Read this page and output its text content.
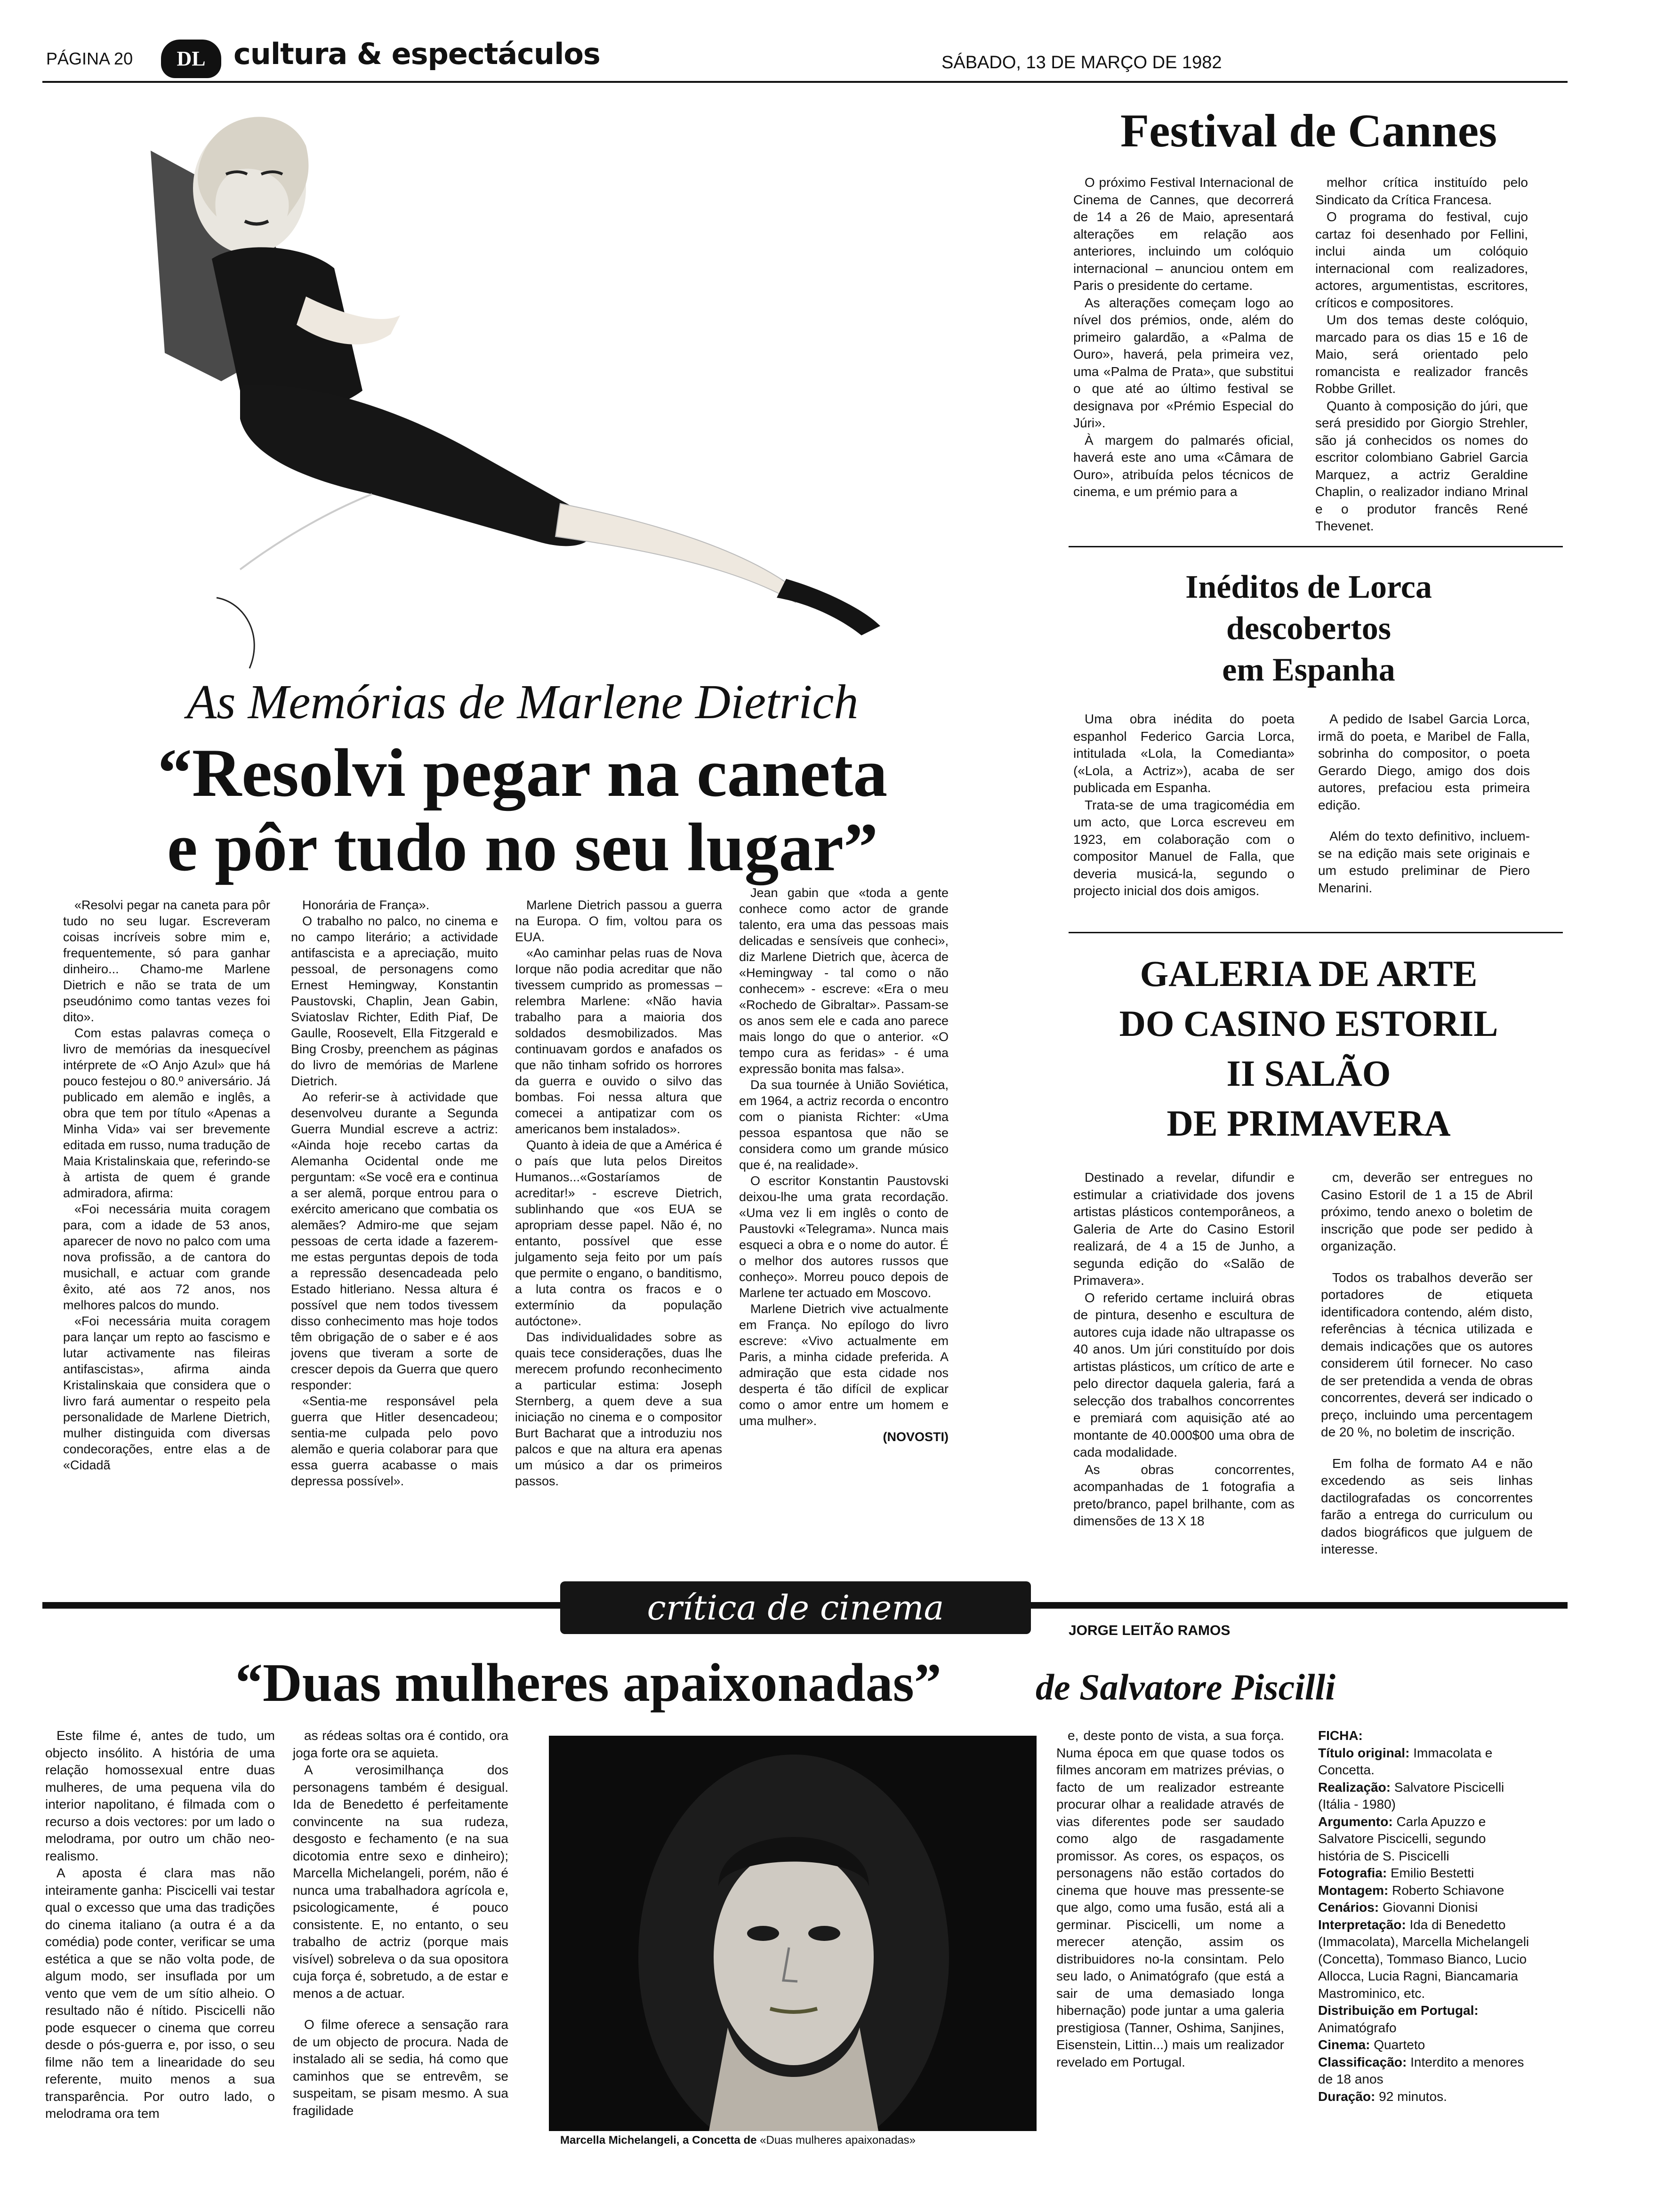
PÁGINA 20	DL cultura & espectáculos	SÁBADO, 13 DE MARÇO DE 1982
As Memórias de Marlene Dietrich
“Resolvi pegar na caneta
e pôr tudo no seu lugar”

«Resolvi pegar na caneta para pôr tudo no seu lugar. Escreveram coisas incríveis sobre mim e, frequentemente, só para ganhar dinheiro... Chamo-me Marlene Dietrich e não se trata de um pseudónimo como tantas vezes foi dito».

Com estas palavras começa o livro de memórias da inesquecível intérprete de «O Anjo Azul» que há pouco festejou o 80.º aniversário. Já publicado em alemão e inglês, a obra que tem por título «Apenas a Minha Vida» vai ser brevemente editada em russo, numa tradução de Maia Kristalinskaia que, referindo-se à artista de quem é grande admiradora, afirma:

«Foi necessária muita coragem para, com a idade de 53 anos, aparecer de novo no palco com uma nova profissão, a de cantora do musichall, e actuar com grande êxito, até aos 72 anos, nos melhores palcos do mundo.

«Foi necessária muita coragem para lançar um repto ao fascismo e lutar activamente nas fileiras antifascistas», afirma ainda Kristalinskaia que considera que o livro fará aumentar o respeito pela personalidade de Marlene Dietrich, mulher distinguida com diversas condecorações, entre elas a de «Cidadã

Honorária de França».

O trabalho no palco, no cinema e no campo literário; a actividade antifascista e a apreciação, muito pessoal, de personagens como Ernest Hemingway, Konstantin Paustovski, Chaplin, Jean Gabin, Sviatoslav Richter, Edith Piaf, De Gaulle, Roosevelt, Ella Fitzgerald e Bing Crosby, preenchem as páginas do livro de memórias de Marlene Dietrich.

Ao referir-se à actividade que desenvolveu durante a Segunda Guerra Mundial escreve a actriz: «Ainda hoje recebo cartas da Alemanha Ocidental onde me perguntam: «Se você era e continua a ser alemã, porque entrou para o exército americano que combatia os alemães? Admiro-me que sejam pessoas de certa idade a fazerem-me estas perguntas depois de toda a repressão desencadeada pelo Estado hitleriano. Nessa altura é possível que nem todos tivessem disso conhecimento mas hoje todos têm obrigação de o saber e é aos jovens que tiveram a sorte de crescer depois da Guerra que quero responder:

«Sentia-me responsável pela guerra que Hitler desencadeou; sentia-me culpada pelo povo alemão e queria colaborar para que essa guerra acabasse o mais depressa possível».

Marlene Dietrich passou a guerra na Europa. O fim, voltou para os EUA.

«Ao caminhar pelas ruas de Nova Iorque não podia acreditar que não tivessem cumprido as promessas – relembra Marlene: «Não havia trabalho para a maioria dos soldados desmobilizados. Mas continuavam gordos e anafados os que não tinham sofrido os horrores da guerra e ouvido o silvo das bombas. Foi nessa altura que comecei a antipatizar com os americanos bem instalados».

Quanto à ideia de que a América é o país que luta pelos Direitos Humanos...«Gostaríamos de acreditar!» - escreve Dietrich, sublinhando que «os EUA se apropriam desse papel. Não é, no entanto, possível que esse julgamento seja feito por um país que permite o engano, o banditismo, a luta contra os fracos e o extermínio da população autóctone».

Das individualidades sobre as quais tece considerações, duas lhe merecem profundo reconhecimento a particular estima: Joseph Sternberg, a quem deve a sua iniciação no cinema e o compositor Burt Bacharat que a introduziu nos palcos e que na altura era apenas um músico a dar os primeiros passos.

Jean gabin que «toda a gente conhece como actor de grande talento, era uma das pessoas mais delicadas e sensíveis que conheci», diz Marlene Dietrich que, àcerca de «Hemingway - tal como o não conhecem» - escreve: «Era o meu «Rochedo de Gibraltar». Passam-se os anos sem ele e cada ano parece mais longo do que o anterior. «O tempo cura as feridas» - é uma expressão bonita mas falsa».

Da sua tournée à União Soviética, em 1964, a actriz recorda o encontro com o pianista Richter: «Uma pessoa espantosa que não se considera como um grande músico que é, na realidade».

O escritor Konstantin Paustovski deixou-lhe uma grata recordação. «Uma vez li em inglês o conto de Paustovki «Telegrama». Nunca mais esqueci a obra e o nome do autor. É o melhor dos autores russos que conheço». Morreu pouco depois de Marlene ter actuado em Moscovo.

Marlene Dietrich vive actualmente em França. No epílogo do livro escreve: «Vivo actualmente em Paris, a minha cidade preferida. A admiração que esta cidade nos desperta é tão difícil de explicar como o amor entre um homem e uma mulher».

(NOVOSTI)
Festival de Cannes

O próximo Festival Internacional de Cinema de Cannes, que decorrerá de 14 a 26 de Maio, apresentará alterações em relação aos anteriores, incluindo um colóquio internacional – anunciou ontem em Paris o presidente do certame.

As alterações começam logo ao nível dos prémios, onde, além do primeiro galardão, a «Palma de Ouro», haverá, pela primeira vez, uma «Palma de Prata», que substitui o que até ao último festival se designava por «Prémio Especial do Júri».

À margem do palmarés oficial, haverá este ano uma «Câmara de Ouro», atribuída pelos técnicos de cinema, e um prémio para a

melhor crítica instituído pelo Sindicato da Crítica Francesa.

O programa do festival, cujo cartaz foi desenhado por Fellini, inclui ainda um colóquio internacional com realizadores, actores, argumentistas, escritores, críticos e compositores.

Um dos temas deste colóquio, marcado para os dias 15 e 16 de Maio, será orientado pelo romancista e realizador francês Robbe Grillet.

Quanto à composição do júri, que será presidido por Giorgio Strehler, são já conhecidos os nomes do escritor colombiano Gabriel Garcia Marquez, a actriz Geraldine Chaplin, o realizador indiano Mrinal e o produtor francês René Thevenet.

Inéditos de Lorca
descobertos
em Espanha

Uma obra inédita do poeta espanhol Federico Garcia Lorca, intitulada «Lola, la Comedianta» («Lola, a Actriz»), acaba de ser publicada em Espanha.

Trata-se de uma tragicomédia em um acto, que Lorca escreveu em 1923, em colaboração com o compositor Manuel de Falla, que deveria musicá-la, segundo o projecto inicial dos dois amigos.

A pedido de Isabel Garcia Lorca, irmã do poeta, e Maribel de Falla, sobrinha do compositor, o poeta Gerardo Diego, amigo dos dois autores, prefaciou esta primeira edição.

Além do texto definitivo, incluem-se na edição mais sete originais e um estudo preliminar de Piero Menarini.

GALERIA DE ARTE
DO CASINO ESTORIL
II SALÃO
DE PRIMAVERA

Destinado a revelar, difundir e estimular a criatividade dos jovens artistas plásticos contemporâneos, a Galeria de Arte do Casino Estoril realizará, de 4 a 15 de Junho, a segunda edição do «Salão de Primavera».

O referido certame incluirá obras de pintura, desenho e escultura de autores cuja idade não ultrapasse os 40 anos. Um júri constituído por dois artistas plásticos, um crítico de arte e pelo director daquela galeria, fará a selecção dos trabalhos concorrentes e premiará com aquisição até ao montante de 40.000$00 uma obra de cada modalidade.

As obras concorrentes, acompanhadas de 1 fotografia a preto/branco, papel brilhante, com as dimensões de 13 X 18

cm, deverão ser entregues no Casino Estoril de 1 a 15 de Abril próximo, tendo anexo o boletim de inscrição que pode ser pedido à organização.

Todos os trabalhos deverão ser portadores de etiqueta identificadora contendo, além disto, referências à técnica utilizada e demais indicações que os autores considerem útil fornecer. No caso de ser pretendida a venda de obras concorrentes, deverá ser indicado o preço, incluindo uma percentagem de 20 %, no boletim de inscrição.

Em folha de formato A4 e não excedendo as seis linhas dactilografadas os concorrentes farão a entrega do curriculum ou dados biográficos que julguem de interesse.

crítica de cinema
JORGE LEITÃO RAMOS
“Duas mulheres apaixonadas”	de Salvatore Piscilli

Este filme é, antes de tudo, um objecto insólito. A história de uma relação homossexual entre duas mulheres, de uma pequena vila do interior napolitano, é filmada com o recurso a dois vectores: por um lado o melodrama, por outro um chão neo-realismo.

A aposta é clara mas não inteiramente ganha: Piscicelli vai testar qual o excesso que uma das tradições do cinema italiano (a outra é a da comédia) pode conter, verificar se uma estética a que se não volta pode, de algum modo, ser insuflada por um vento que vem de um sítio alheio. O resultado não é nítido. Piscicelli não pode esquecer o cinema que correu desde o pós-guerra e, por isso, o seu filme não tem a linearidade do seu referente, muito menos a sua transparência. Por outro lado, o melodrama ora tem

as rédeas soltas ora é contido, ora joga forte ora se aquieta.

A verosimilhança dos personagens também é desigual. Ida de Benedetto é perfeitamente convincente na sua rudeza, desgosto e fechamento (e na sua dicotomia entre sexo e dinheiro); Marcella Michelangeli, porém, não é nunca uma trabalhadora agrícola e, psicologicamente, é pouco consistente. E, no entanto, o seu trabalho de actriz (porque mais visível) sobreleva o da sua opositora cuja força é, sobretudo, a de estar e menos a de actuar.

O filme oferece a sensação rara de um objecto de procura. Nada de instalado ali se sedia, há como que caminhos que se entrevêm, se suspeitam, se pisam mesmo. A sua fragilidade

Marcella Michelangeli, a Concetta de «Duas mulheres apaixonadas»

e, deste ponto de vista, a sua força. Numa época em que quase todos os filmes ancoram em matrizes prévias, o facto de um realizador estreante procurar olhar a realidade através de vias diferentes pode ser saudado como algo de rasgadamente promissor. As cores, os espaços, os personagens não estão cortados do cinema que houve mas pressente-se que algo, como uma fusão, está ali a germinar. Piscicelli, um nome a merecer atenção, assim os distribuidores no-la consintam. Pelo seu lado, o Animatógrafo (que está a sair de uma demasiado longa hibernação) pode juntar a uma galeria prestigiosa (Tanner, Oshima, Sanjines, Eisenstein, Littin...) mais um realizador revelado em Portugal.

FICHA:
Título original: Immacolata e Concetta.
Realização: Salvatore Piscicelli (Itália - 1980)
Argumento: Carla Apuzzo e Salvatore Piscicelli, segundo história de S. Piscicelli
Fotografia: Emilio Bestetti
Montagem: Roberto Schiavone
Cenários: Giovanni Dionisi
Interpretação: Ida di Benedetto (Immacolata), Marcella Michelangeli (Concetta), Tommaso Bianco, Lucio Allocca, Lucia Ragni, Biancamaria Mastrominico, etc.
Distribuição em Portugal: Animatógrafo
Cinema: Quarteto
Classificação: Interdito a menores de 18 anos
Duração: 92 minutos.
